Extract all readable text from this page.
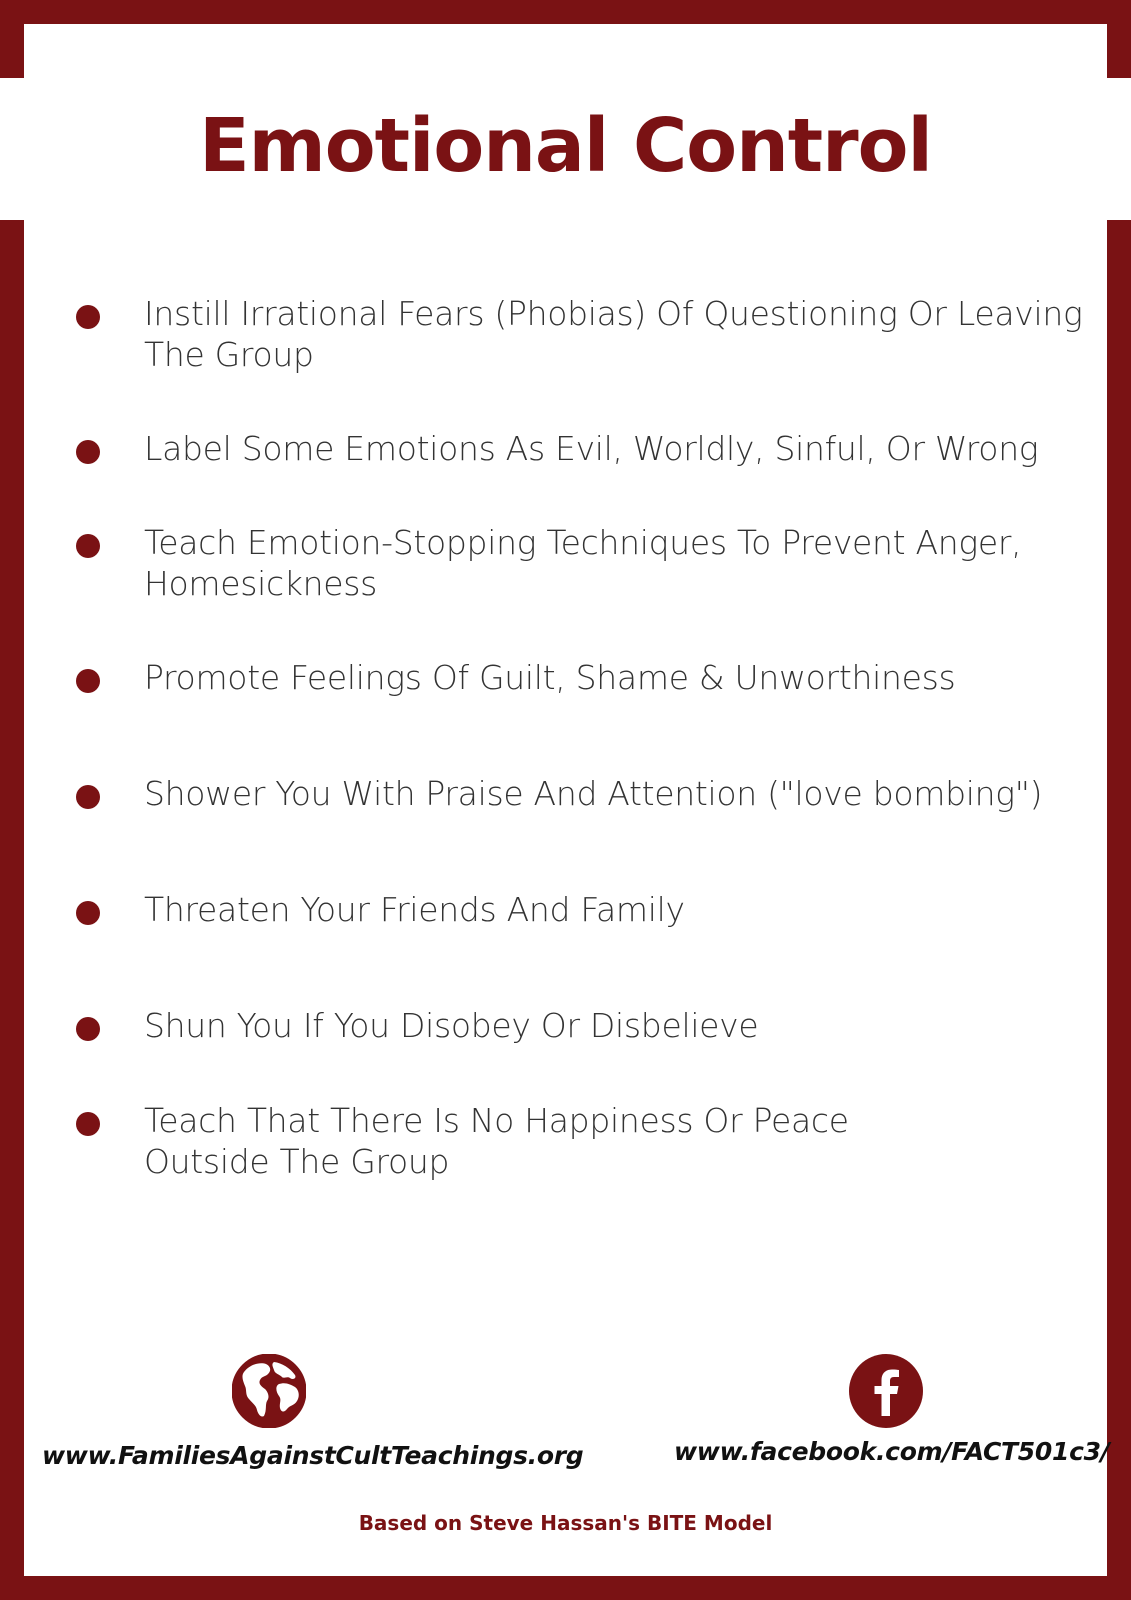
Emotional Control
Instill Irrational Fears (Phobias) Of Questioning Or Leaving The Group
Label Some Emotions As Evil, Worldly, Sinful, Or Wrong
Teach Emotion-Stopping Techniques To Prevent Anger, Homesickness
Promote Feelings Of Guilt, Shame & Unworthiness
Shower You With Praise And Attention ("love bombing")
Threaten Your Friends And Family
Shun You If You Disobey Or Disbelieve
Teach That There Is No Happiness Or Peace Outside The Group
www.FamiliesAgainstCultTeachings.org	www.facebook.com/FACT501c3/
Based on Steve Hassan's BITE Model
